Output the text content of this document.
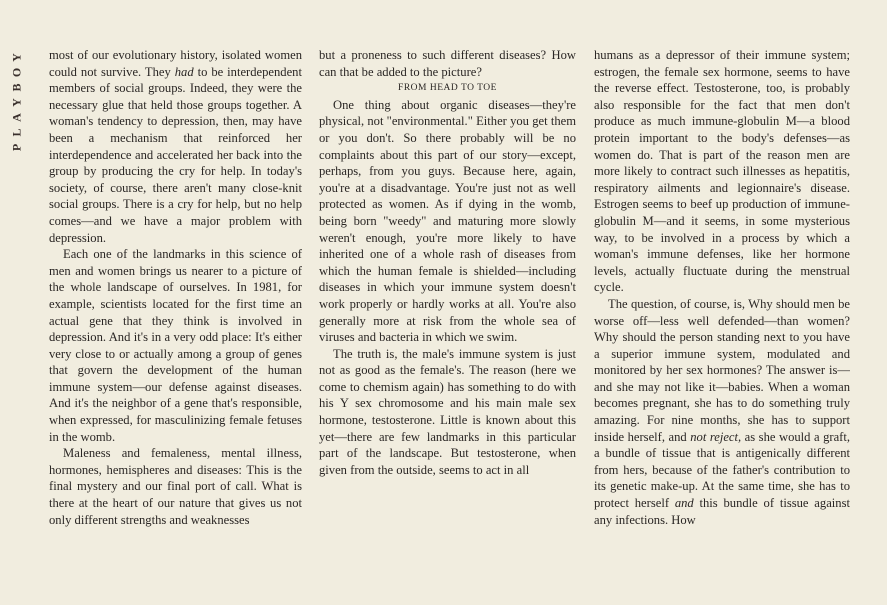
P
L
A
Y
B
O
Y most of our evolutionary history, isolated women could not survive. They had to be interdependent members of social groups. Indeed, they were the necessary glue that held those groups together. A woman's tendency to depression, then, may have been a mechanism that reinforced her interdependence and accelerated her back into the group by producing the cry for help. In today's society, of course, there aren't many close-knit social groups. There is a cry for help, but no help comes—and we have a major problem with depression.

Each one of the landmarks in this science of men and women brings us nearer to a picture of the whole landscape of ourselves. In 1981, for example, scientists located for the first time an actual gene that they think is involved in depression. And it's in a very odd place: It's either very close to or actually among a group of genes that govern the development of the human immune system—our defense against diseases. And it's the neighbor of a gene that's responsible, when expressed, for masculinizing female fetuses in the womb.

Maleness and femaleness, mental illness, hormones, hemispheres and diseases: This is the final mystery and our final port of call. What is there at the heart of our nature that gives us not only different strengths and weaknesses

but a proneness to such different diseases? How can that be added to the picture?

FROM HEAD TO TOE

One thing about organic diseases—they're physical, not "environmental." Either you get them or you don't. So there probably will be no complaints about this part of our story—except, perhaps, from you guys. Because here, again, you're at a disadvantage. You're just not as well protected as women. As if dying in the womb, being born "weedy" and maturing more slowly weren't enough, you're more likely to have inherited one of a whole rash of diseases from which the human female is shielded—including diseases in which your immune system doesn't work properly or hardly works at all. You're also generally more at risk from the whole sea of viruses and bacteria in which we swim.

The truth is, the male's immune system is just not as good as the female's. The reason (here we come to chemism again) has something to do with his Y sex chromosome and his main male sex hormone, testosterone. Little is known about this yet—there are few landmarks in this particular part of the landscape. But testosterone, when given from the outside, seems to act in all

humans as a depressor of their immune system; estrogen, the female sex hormone, seems to have the reverse effect. Testosterone, too, is probably also responsible for the fact that men don't produce as much immune-globulin M—a blood protein important to the body's defenses—as women do. That is part of the reason men are more likely to contract such illnesses as hepatitis, respiratory ailments and legionnaire's disease. Estrogen seems to beef up production of immune-globulin M—and it seems, in some mysterious way, to be involved in a process by which a woman's immune defenses, like her hormone levels, actually fluctuate during the menstrual cycle.

The question, of course, is, Why should men be worse off—less well defended—than women? Why should the person standing next to you have a superior immune system, modulated and monitored by her sex hormones? The answer is—and she may not like it—babies. When a woman becomes pregnant, she has to do something truly amazing. For nine months, she has to support inside herself, and not reject, as she would a graft, a bundle of tissue that is antigenically different from hers, because of the father's contribution to its genetic make-up. At the same time, she has to protect herself and this bundle of tissue against any infections. How
